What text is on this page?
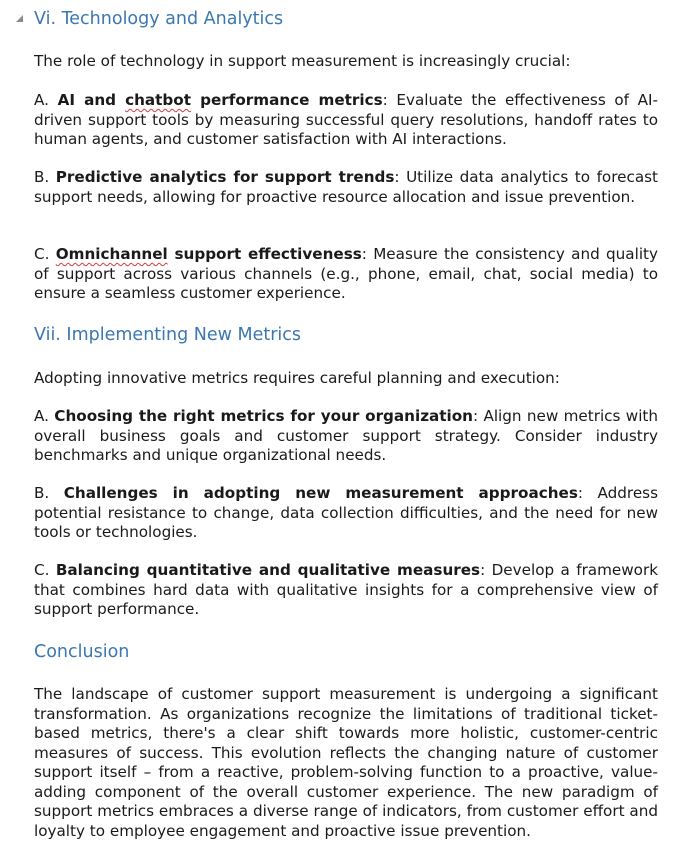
Vi. Technology and Analytics

The role of technology in support measurement is increasingly crucial:

A. AI and chatbot performance metrics: Evaluate the effectiveness of AI-driven support tools by measuring successful query resolutions, handoff rates to human agents, and customer satisfaction with AI interactions.

B. Predictive analytics for support trends: Utilize data analytics to forecast support needs, allowing for proactive resource allocation and issue prevention.

C. Omnichannel support effectiveness: Measure the consistency and quality of support across various channels (e.g., phone, email, chat, social media) to ensure a seamless customer experience.

Vii. Implementing New Metrics

Adopting innovative metrics requires careful planning and execution:

A. Choosing the right metrics for your organization: Align new metrics with overall business goals and customer support strategy. Consider industry benchmarks and unique organizational needs.

B. Challenges in adopting new measurement approaches: Address potential resistance to change, data collection difficulties, and the need for new tools or technologies.

C. Balancing quantitative and qualitative measures: Develop a framework that combines hard data with qualitative insights for a comprehensive view of support performance.

Conclusion

The landscape of customer support measurement is undergoing a significant transformation. As organizations recognize the limitations of traditional ticket-based metrics, there's a clear shift towards more holistic, customer-centric measures of success. This evolution reflects the changing nature of customer support itself – from a reactive, problem-solving function to a proactive, value-adding component of the overall customer experience. The new paradigm of support metrics embraces a diverse range of indicators, from customer effort and loyalty to employee engagement and proactive issue prevention.
